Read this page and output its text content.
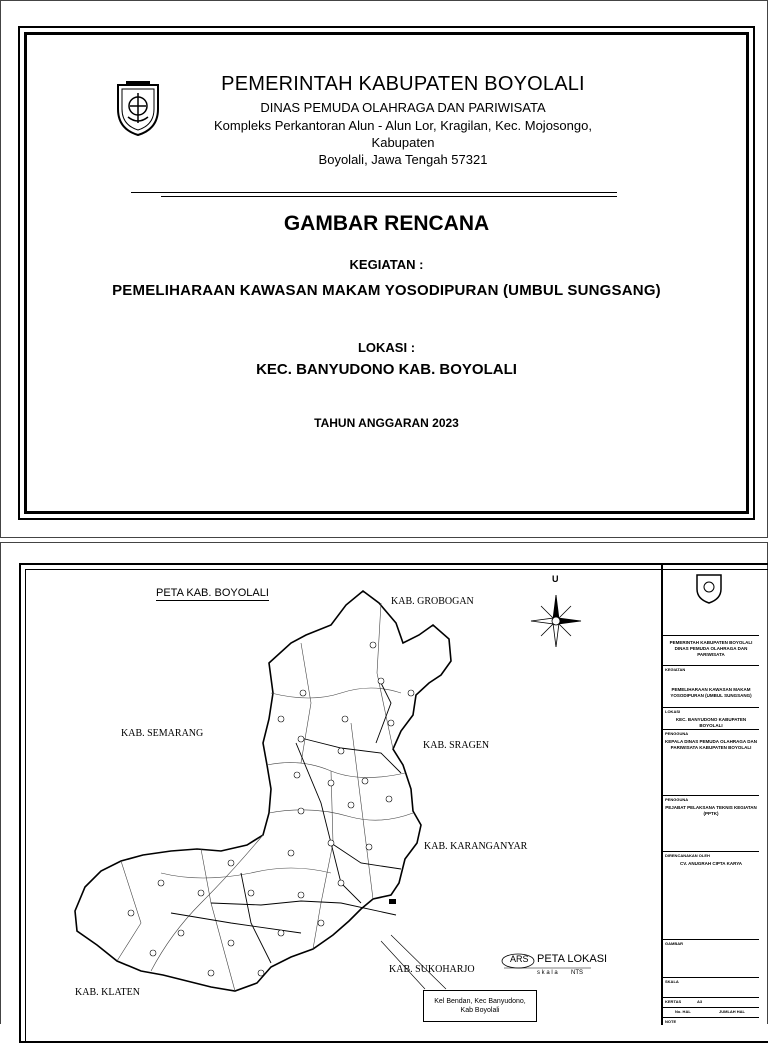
PEMERINTAH KABUPATEN BOYOLALI
DINAS PEMUDA OLAHRAGA DAN PARIWISATA
Kompleks Perkantoran Alun - Alun Lor, Kragilan, Kec. Mojosongo, Kabupaten
Boyolali, Jawa Tengah 57321
GAMBAR RENCANA
KEGIATAN :
PEMELIHARAAN KAWASAN MAKAM YOSODIPURAN (UMBUL SUNGSANG)
LOKASI :
KEC. BANYUDONO KAB. BOYOLALI
TAHUN ANGGARAN 2023
PETA KAB. BOYOLALI
KAB. GROBOGAN
KAB. SEMARANG
KAB. SRAGEN
KAB. KARANGANYAR
KAB. SUKOHARJO
KAB. KLATEN
U
ARS PETA LOKASI
s k a l a NTS
PEMERINTAH KABUPATEN BOYOLALI DINAS PEMUDA OLAHRAGA DAN PARIWISATA
KEGIATAN
PEMELIHARAAN KAWASAN MAKAM YOSODIPURAN (UMBUL SUNGSANG)
LOKASI
KEC. BANYUDONO KABUPATEN BOYOLALI
PENGGUNA
KEPALA DINAS PEMUDA OLAHRAGA DAN PARIWISATA KABUPATEN BOYOLALI
PENGGUNA
PEJABAT PELAKSANA TEKNIS KEGIATAN (PPTK)
DIRENCANAKAN OLEH
CV. ANUGRAH CIPTA KARYA
GAMBAR
SKALA
KERTAS	A3
No. HAL	JUMLAH HAL
NOTE
Kel Bendan, Kec Banyudono,
Kab Boyolali
